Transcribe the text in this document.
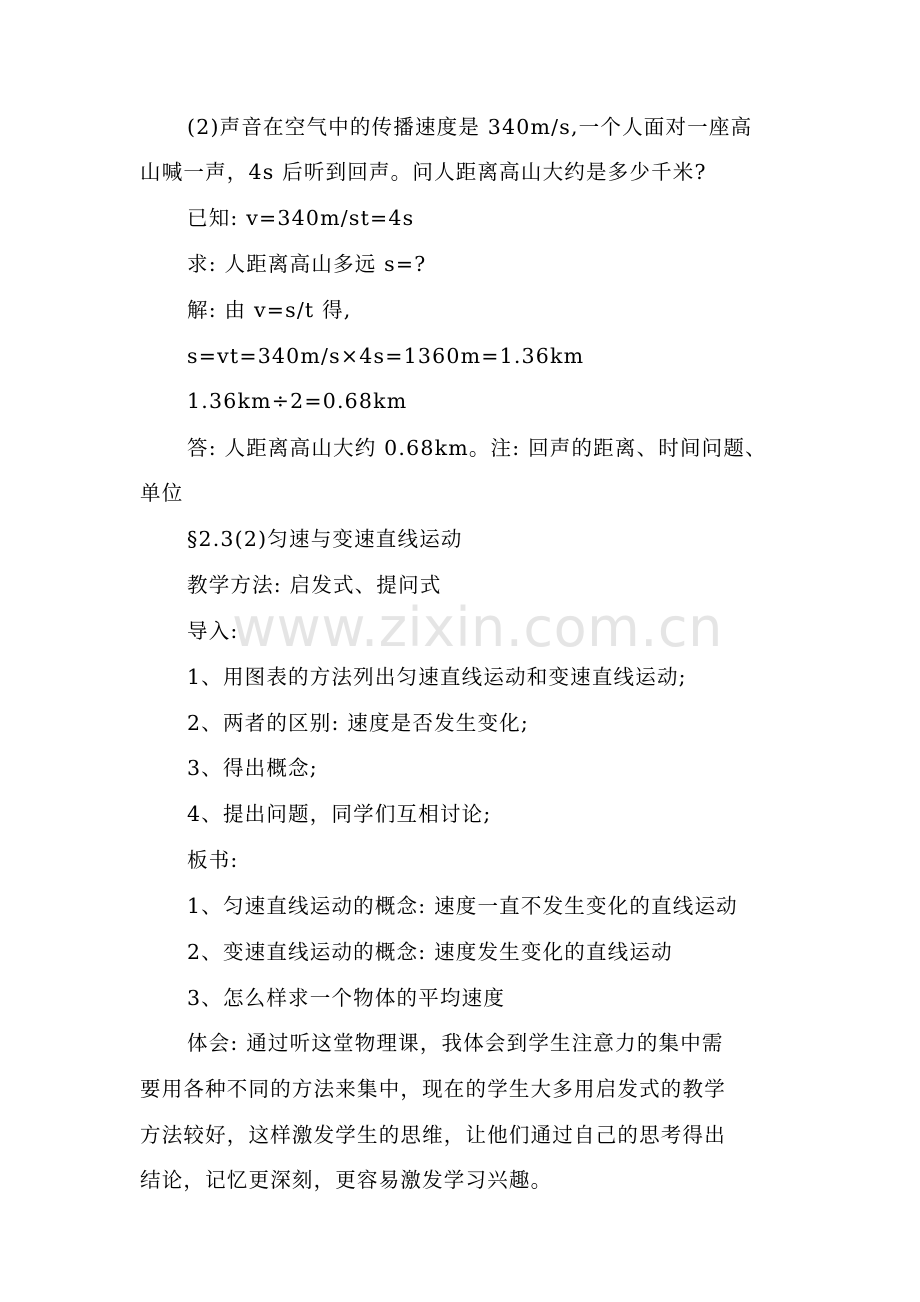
(2)声音在空气中的传播速度是 340m/s,一个人面对一座高
山喊一声，4s 后听到回声。问人距离高山大约是多少千米?
已知: v=340m/st=4s
求: 人距离高山多远 s=?
解: 由 v=s/t 得,
s=vt=340m/s×4s=1360m=1.36km
1.36km÷2=0.68km
答: 人距离高山大约 0.68km。注: 回声的距离、时间问题、
单位
§2.3(2)匀速与变速直线运动
教学方法: 启发式、提问式
导入:
1、用图表的方法列出匀速直线运动和变速直线运动;
2、两者的区别: 速度是否发生变化;
3、得出概念;
4、提出问题，同学们互相讨论;
板书:
1、匀速直线运动的概念: 速度一直不发生变化的直线运动
2、变速直线运动的概念: 速度发生变化的直线运动
3、怎么样求一个物体的平均速度
体会: 通过听这堂物理课，我体会到学生注意力的集中需
要用各种不同的方法来集中，现在的学生大多用启发式的教学
方法较好，这样激发学生的思维，让他们通过自己的思考得出
结论，记忆更深刻，更容易激发学习兴趣。
www.zixin.com.cn
